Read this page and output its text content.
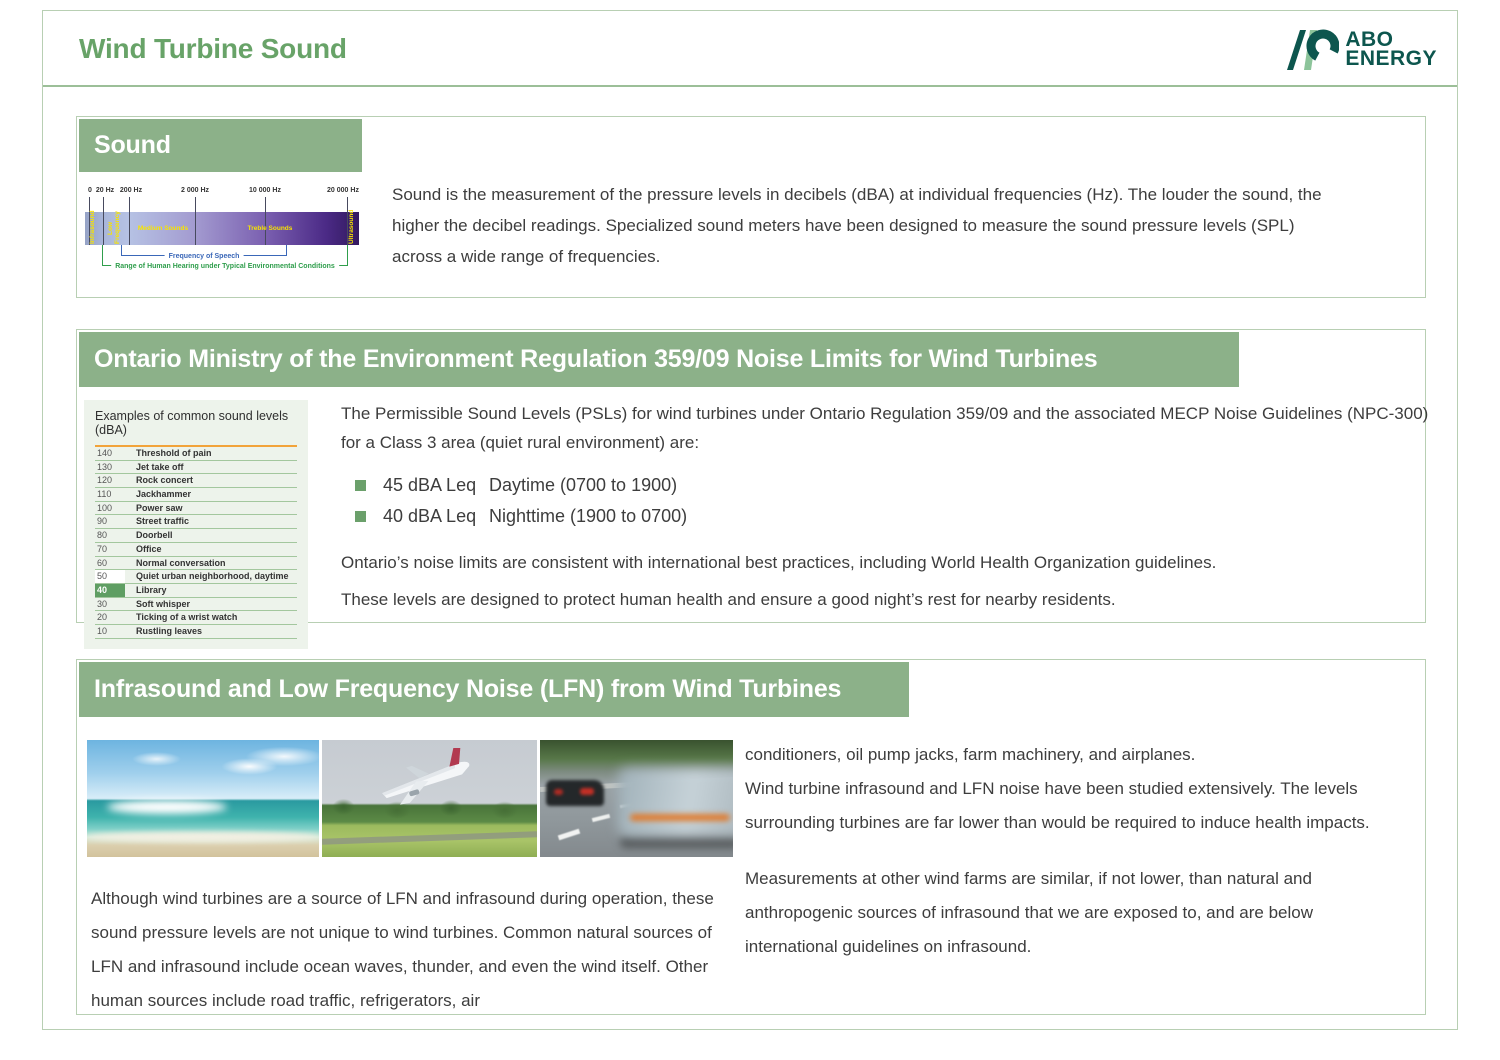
Wind Turbine Sound	ABO
ENERGY
Sound
0 20 Hz 200 Hz	2 000 Hz	10 000 Hz	20 000 Hz
Infrasound	Low Frequency	Medium Sounds	Treble Sounds	Ultrasound
Range of Human Hearing under Typical Environmental Conditions
Frequency of Speech

Sound is the measurement of the pressure levels in decibels (dBA) at individual frequencies (Hz). The louder the sound, the higher the decibel readings. Specialized sound meters have been designed to measure the sound pressure levels (SPL) across a wide range of frequencies.

Ontario Ministry of the Environment Regulation 359/09 Noise Limits for Wind Turbines
Examples of common sound levels (dBA)
140	Threshold of pain
130	Jet take off
120	Rock concert
110	Jackhammer
100	Power saw
90	Street traffic
80	Doorbell
70	Office
60	Normal conversation
50	Quiet urban neighborhood, daytime
40	Library
30	Soft whisper
20	Ticking of a wrist watch
10	Rustling leaves

The Permissible Sound Levels (PSLs) for wind turbines under Ontario Regulation 359/09 and the associated MECP Noise Guidelines (NPC-300) for a Class 3 area (quiet rural environment) are:

45 dBA Leq Daytime (0700 to 1900)
40 dBA Leq Nighttime (1900 to 0700)
Ontario’s noise limits are consistent with international best practices, including World Health Organization guidelines.
These levels are designed to protect human health and ensure a good night’s rest for nearby residents.
Infrasound and Low Frequency Noise (LFN) from Wind Turbines

Although wind turbines are a source of LFN and infrasound during operation, these sound pressure levels are not unique to wind turbines. Common natural sources of LFN and infrasound include ocean waves, thunder, and even the wind itself. Other human sources include road traffic, refrigerators, air

conditioners, oil pump jacks, farm machinery, and airplanes.
Wind turbine infrasound and LFN noise have been studied extensively. The levels surrounding turbines are far lower than would be required to induce health impacts.
Measurements at other wind farms are similar, if not lower, than natural and anthropogenic sources of infrasound that we are exposed to, and are below international guidelines on infrasound.
